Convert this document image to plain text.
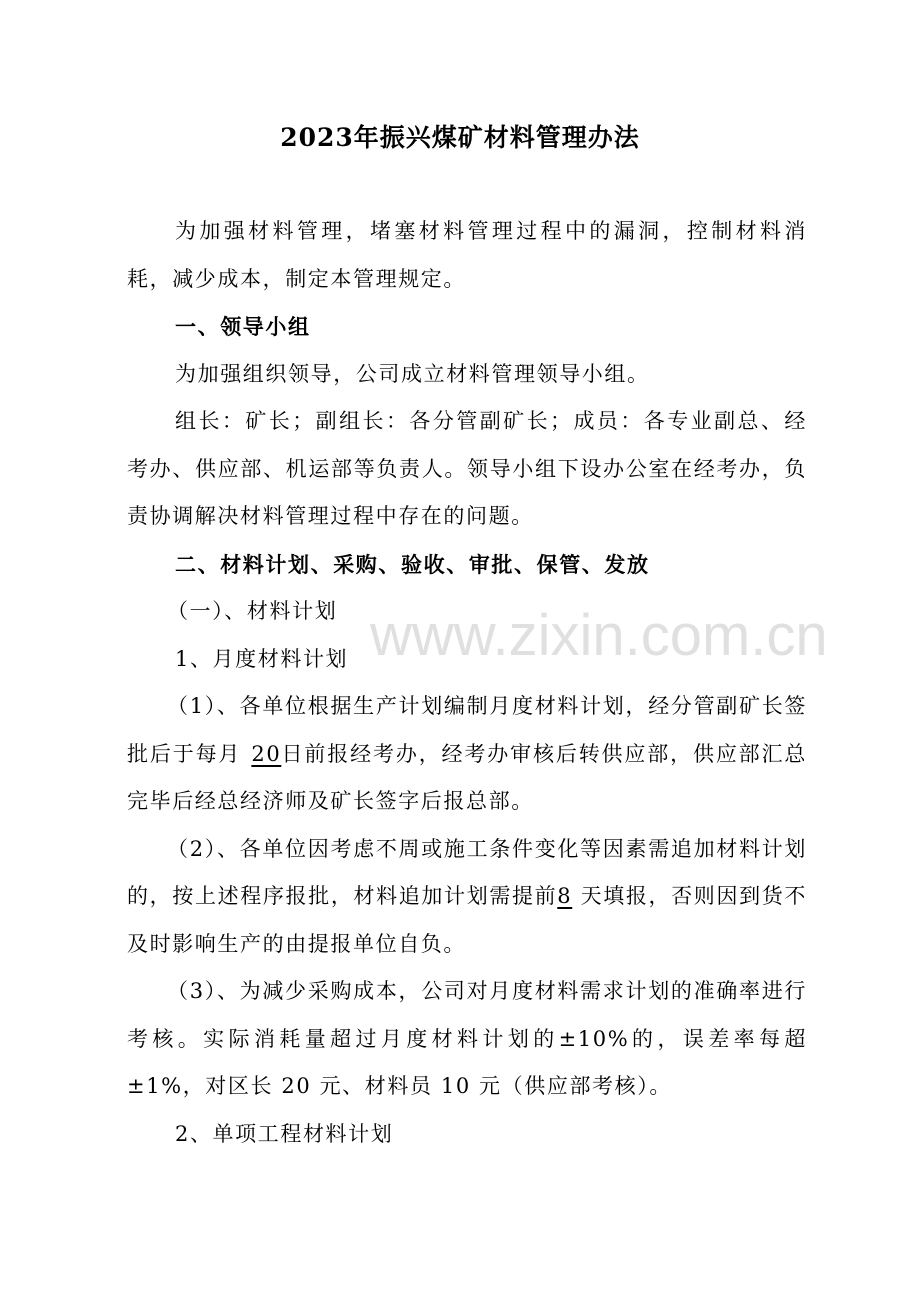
2023年振兴煤矿材料管理办法

为加强材料管理，堵塞材料管理过程中的漏洞，控制材料消耗，减少成本，制定本管理规定。

一、领导小组

为加强组织领导，公司成立材料管理领导小组。

组长：矿长；副组长：各分管副矿长；成员：各专业副总、经考办、供应部、机运部等负责人。领导小组下设办公室在经考办，负责协调解决材料管理过程中存在的问题。

二、材料计划、采购、验收、审批、保管、发放

（一）、材料计划

1、月度材料计划

（1）、各单位根据生产计划编制月度材料计划，经分管副矿长签批后于每月 20日前报经考办，经考办审核后转供应部，供应部汇总完毕后经总经济师及矿长签字后报总部。

（2）、各单位因考虑不周或施工条件变化等因素需追加材料计划的，按上述程序报批，材料追加计划需提前8 天填报，否则因到货不及时影响生产的由提报单位自负。

（3）、为减少采购成本，公司对月度材料需求计划的准确率进行考核。实际消耗量超过月度材料计划的±10%的，误差率每超±1%，对区长 20 元、材料员 10 元（供应部考核）。

2、单项工程材料计划

www.zixin.com.cn
